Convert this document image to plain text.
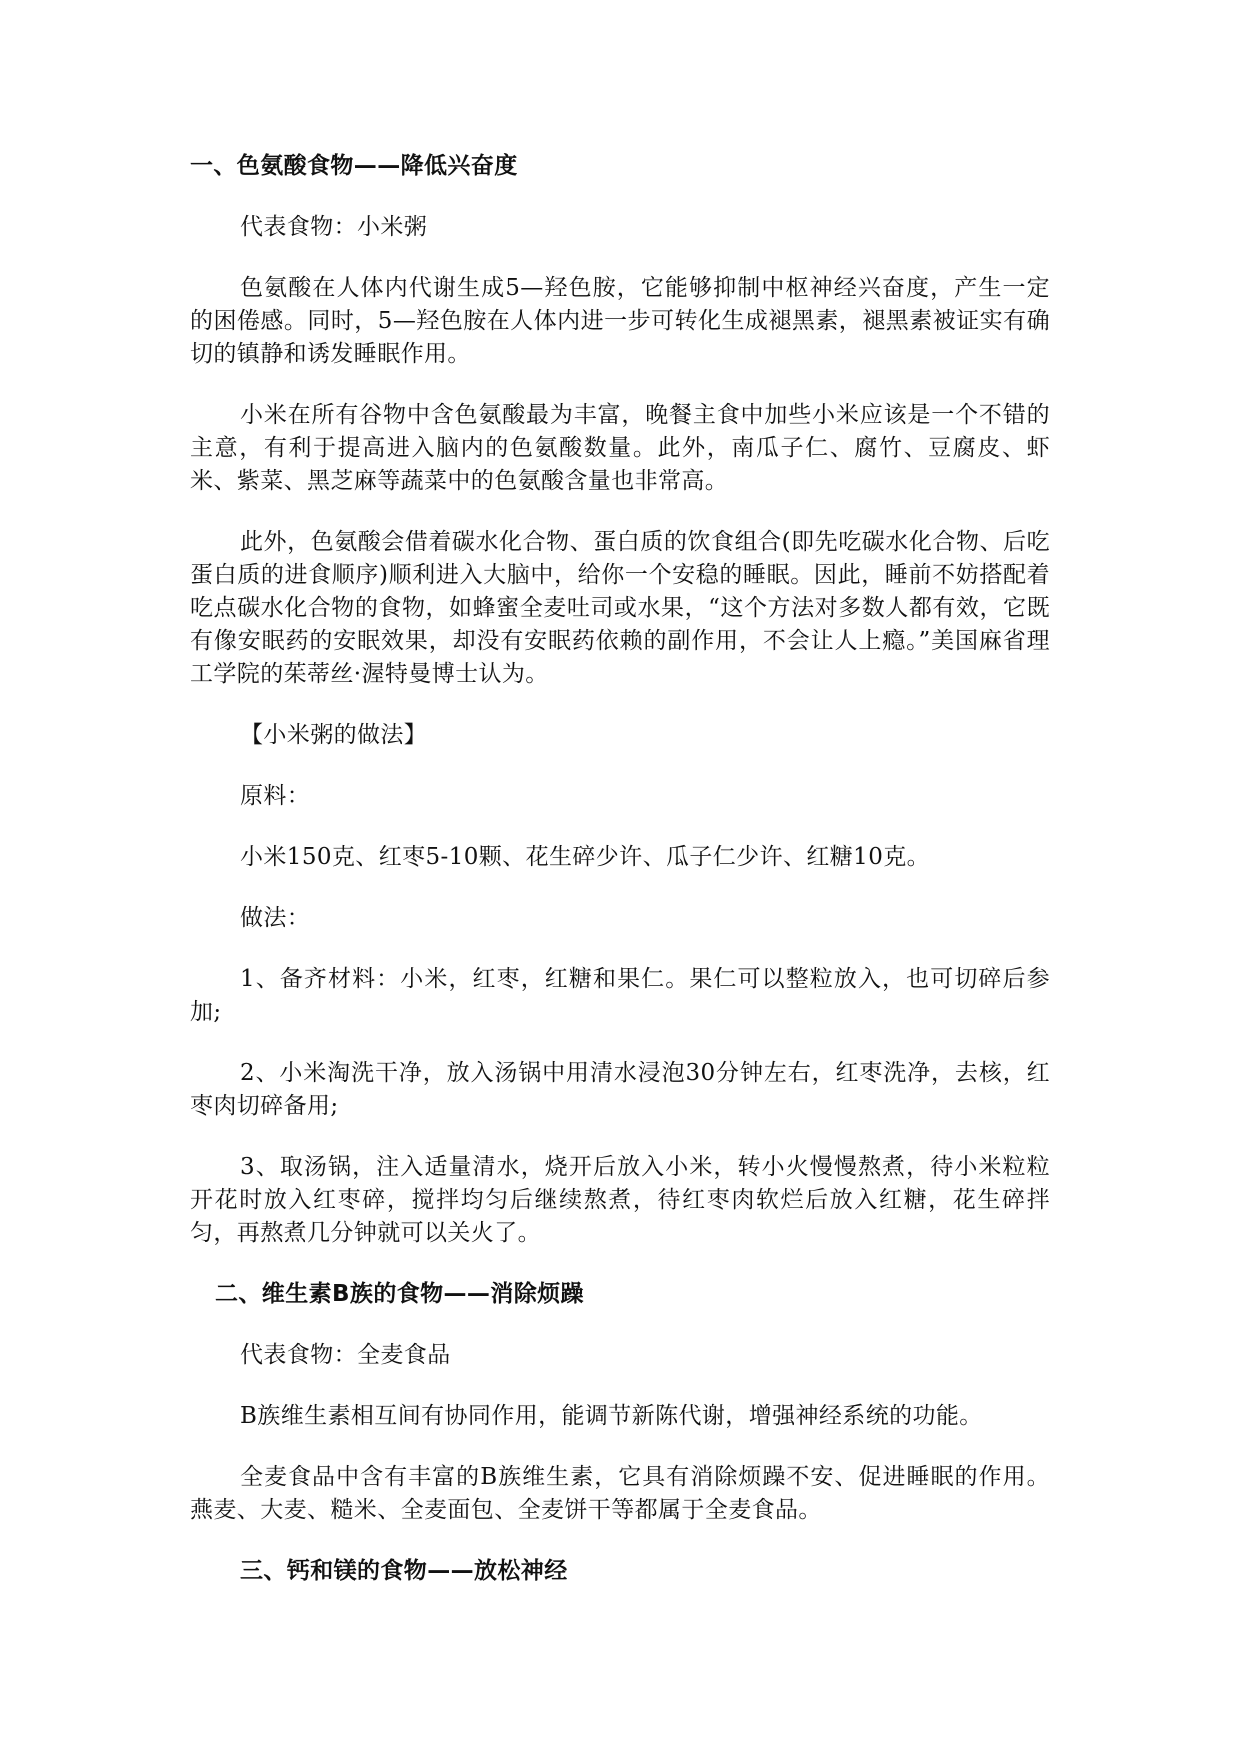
一、色氨酸食物——降低兴奋度

代表食物：小米粥

色氨酸在人体内代谢生成5—羟色胺，它能够抑制中枢神经兴奋度，产生一定的困倦感。同时，5—羟色胺在人体内进一步可转化生成褪黑素，褪黑素被证实有确切的镇静和诱发睡眠作用。

小米在所有谷物中含色氨酸最为丰富，晚餐主食中加些小米应该是一个不错的主意，有利于提高进入脑内的色氨酸数量。此外，南瓜子仁、腐竹、豆腐皮、虾米、紫菜、黑芝麻等蔬菜中的色氨酸含量也非常高。

此外，色氨酸会借着碳水化合物、蛋白质的饮食组合(即先吃碳水化合物、后吃蛋白质的进食顺序)顺利进入大脑中，给你一个安稳的睡眠。因此，睡前不妨搭配着吃点碳水化合物的食物，如蜂蜜全麦吐司或水果，“这个方法对多数人都有效，它既有像安眠药的安眠效果，却没有安眠药依赖的副作用，不会让人上瘾。”美国麻省理工学院的茱蒂丝·渥特曼博士认为。

【小米粥的做法】

原料：

小米150克、红枣5-10颗、花生碎少许、瓜子仁少许、红糖10克。

做法：

1、备齐材料：小米，红枣，红糖和果仁。果仁可以整粒放入，也可切碎后参加;

2、小米淘洗干净，放入汤锅中用清水浸泡30分钟左右，红枣洗净，去核，红枣肉切碎备用;

3、取汤锅，注入适量清水，烧开后放入小米，转小火慢慢熬煮，待小米粒粒开花时放入红枣碎，搅拌均匀后继续熬煮，待红枣肉软烂后放入红糖，花生碎拌匀，再熬煮几分钟就可以关火了。

二、维生素B族的食物——消除烦躁

代表食物：全麦食品

B族维生素相互间有协同作用，能调节新陈代谢，增强神经系统的功能。

全麦食品中含有丰富的B族维生素，它具有消除烦躁不安、促进睡眠的作用。燕麦、大麦、糙米、全麦面包、全麦饼干等都属于全麦食品。

三、钙和镁的食物——放松神经
